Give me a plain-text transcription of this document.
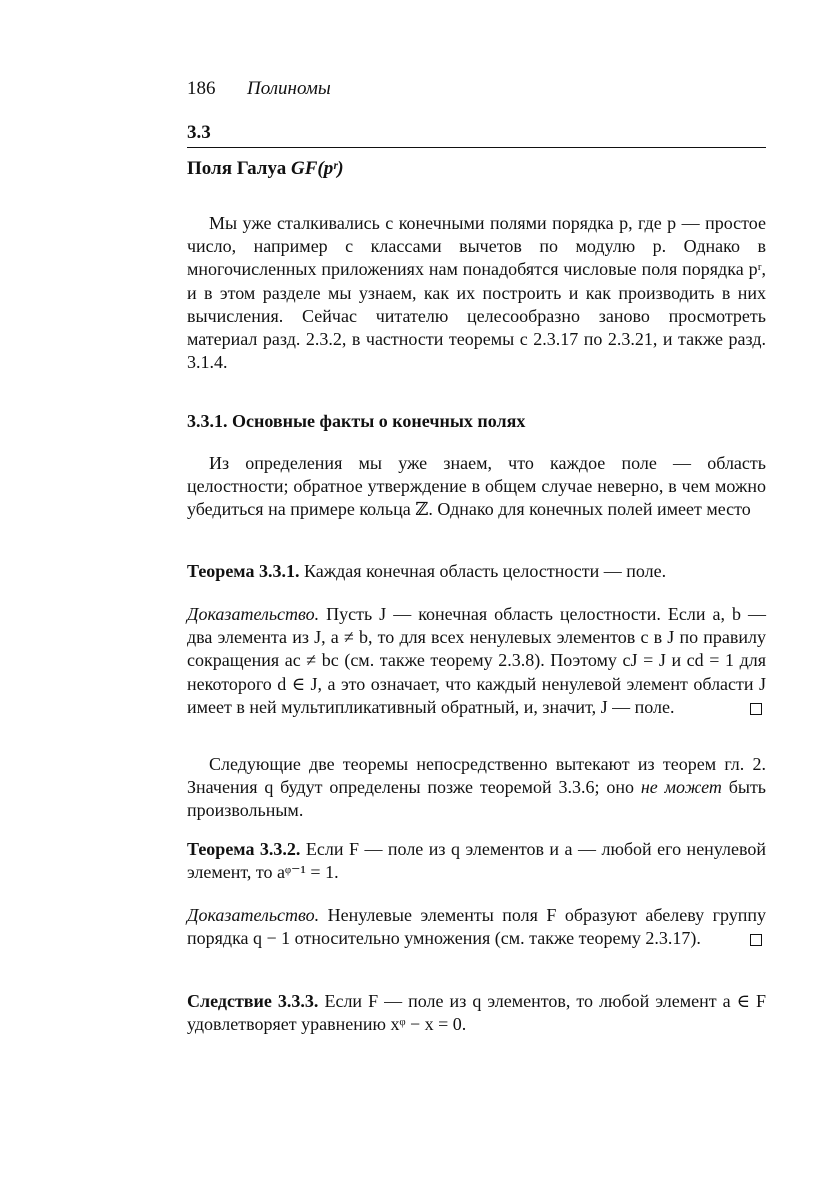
186 Полиномы
3.3
Поля Галуа GF(pʳ)

Мы уже сталкивались с конечными полями порядка p, где p — простое число, например с классами вычетов по модулю p. Однако в многочисленных приложениях нам понадобятся числовые поля порядка pʳ, и в этом разделе мы узнаем, как их построить и как производить в них вычисления. Сейчас читателю целесообразно заново просмотреть материал разд. 2.3.2, в частности теоремы с 2.3.17 по 2.3.21, и также разд. 3.1.4.

3.3.1. Основные факты о конечных полях

Из определения мы уже знаем, что каждое поле — область целостности; обратное утверждение в общем случае неверно, в чем можно убедиться на примере кольца ℤ. Однако для конечных полей имеет место

Теорема 3.3.1. Каждая конечная область целостности — поле.

Доказательство. Пусть J — конечная область целостности. Если a, b — два элемента из J, a ≠ b, то для всех ненулевых элементов c в J по правилу сокращения ac ≠ bc (см. также теорему 2.3.8). Поэтому cJ = J и cd = 1 для некоторого d ∈ J, а это означает, что каждый ненулевой элемент области J имеет в ней мультипликативный обратный, и, значит, J — поле.

Следующие две теоремы непосредственно вытекают из теорем гл. 2. Значения q будут определены позже теоремой 3.3.6; оно не может быть произвольным.

Теорема 3.3.2. Если F — поле из q элементов и a — любой его ненулевой элемент, то aᵠ⁻¹ = 1.

Доказательство. Ненулевые элементы поля F образуют абелеву группу порядка q − 1 относительно умножения (см. также теорему 2.3.17).

Следствие 3.3.3. Если F — поле из q элементов, то любой элемент a ∈ F удовлетворяет уравнению xᵠ − x = 0.
